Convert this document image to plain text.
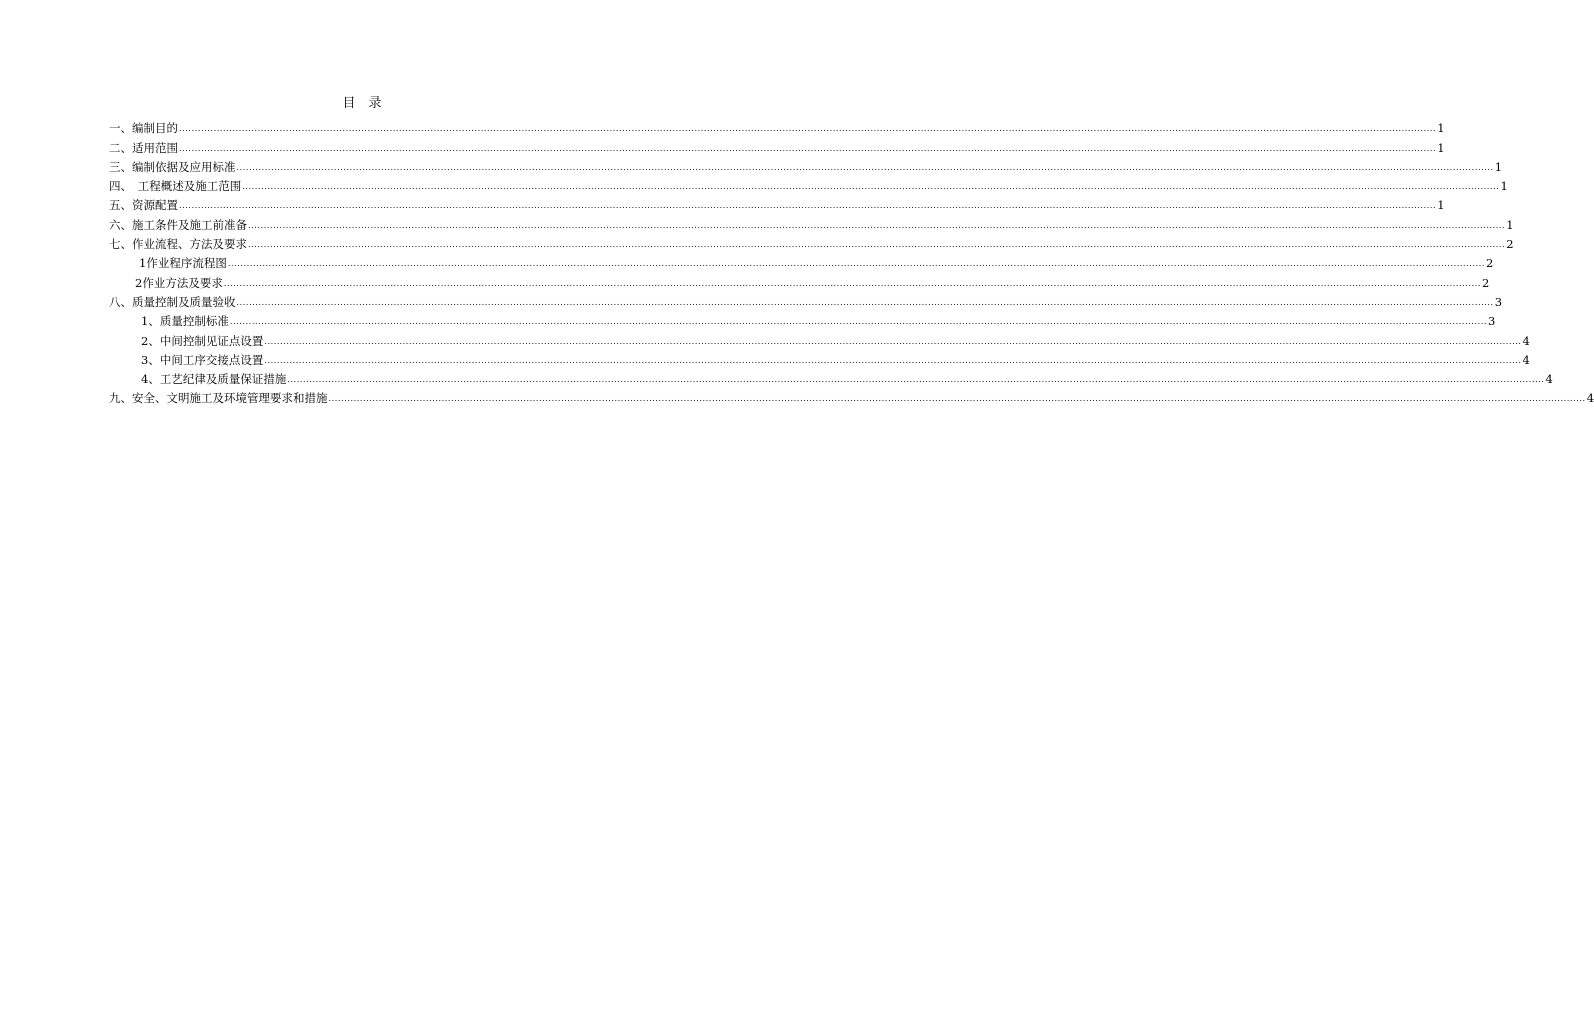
目　录
一、编制目的 ................................................................................................................................................................................................................................................................................................................................................................................................................ 1
二、适用范围 ................................................................................................................................................................................................................................................................................................................................................................................................................ 1
三、编制依据及应用标准 ................................................................................................................................................................................................................................................................................................................................................................................................................ 1
四、　工程概述及施工范围 ................................................................................................................................................................................................................................................................................................................................................................................................................ 1
五、资源配置 ................................................................................................................................................................................................................................................................................................................................................................................................................ 1
六、施工条件及施工前准备 ................................................................................................................................................................................................................................................................................................................................................................................................................ 1
七、作业流程、方法及要求 ................................................................................................................................................................................................................................................................................................................................................................................................................ 2
1作业程序流程图 ................................................................................................................................................................................................................................................................................................................................................................................................................ 2
2作业方法及要求 ................................................................................................................................................................................................................................................................................................................................................................................................................ 2
八、质量控制及质量验收 ................................................................................................................................................................................................................................................................................................................................................................................................................ 3
1、质量控制标准 ................................................................................................................................................................................................................................................................................................................................................................................................................ 3
2、中间控制见证点设置 ................................................................................................................................................................................................................................................................................................................................................................................................................ 4
3、中间工序交接点设置 ................................................................................................................................................................................................................................................................................................................................................................................................................ 4
4、工艺纪律及质量保证措施 ................................................................................................................................................................................................................................................................................................................................................................................................................ 4
九、安全、文明施工及环境管理要求和措施 ................................................................................................................................................................................................................................................................................................................................................................................................................ 4
